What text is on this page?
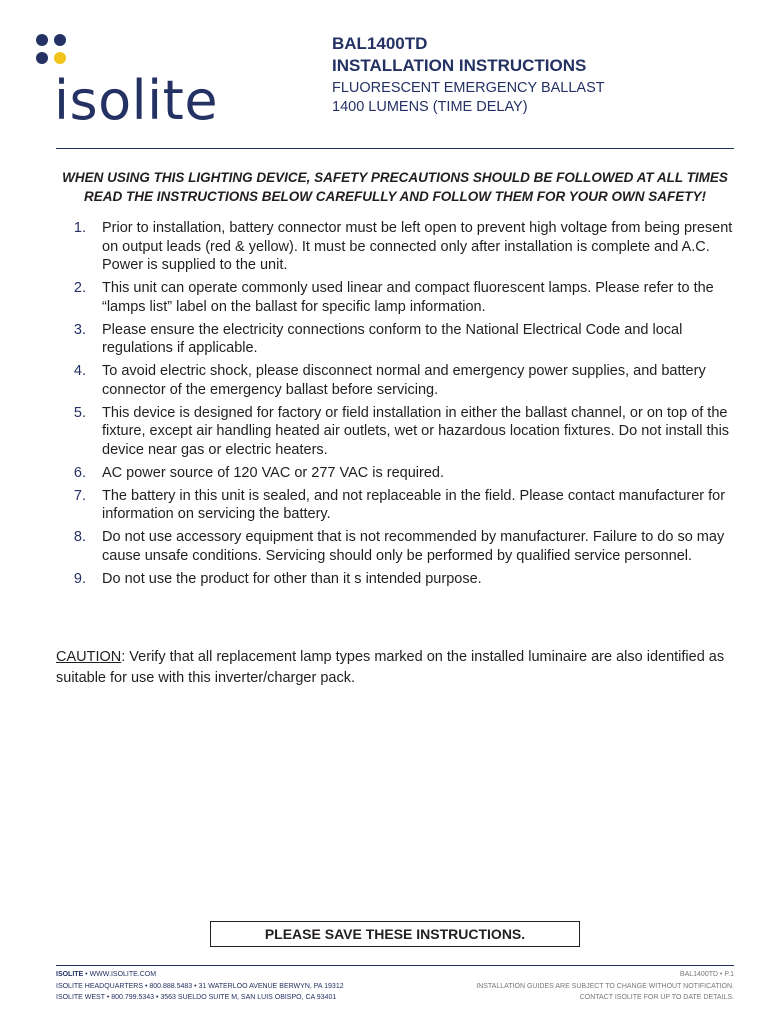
isolite

BAL1400TD

INSTALLATION INSTRUCTIONS

FLUORESCENT EMERGENCY BALLAST

1400 LUMENS (TIME DELAY)

WHEN USING THIS LIGHTING DEVICE, SAFETY PRECAUTIONS SHOULD BE FOLLOWED AT ALL TIMES
READ THE INSTRUCTIONS BELOW CAREFULLY AND FOLLOW THEM FOR YOUR OWN SAFETY!

1. Prior to installation, battery connector must be left open to prevent high voltage from being present on output leads (red & yellow). It must be connected only after installation is complete and A.C. Power is supplied to the unit.
2. This unit can operate commonly used linear and compact fluorescent lamps. Please refer to the “lamps list” label on the ballast for specific lamp information.
3. Please ensure the electricity connections conform to the National Electrical Code and local regulations if applicable.
4. To avoid electric shock, please disconnect normal and emergency power supplies, and battery connector of the emergency ballast before servicing.
5. This device is designed for factory or field installation in either the ballast channel, or on top of the fixture, except air handling heated air outlets, wet or hazardous location fixtures. Do not install this device near gas or electric heaters.
6. AC power source of 120 VAC or 277 VAC is required.
7. The battery in this unit is sealed, and not replaceable in the field. Please contact manufacturer for information on servicing the battery.
8. Do not use accessory equipment that is not recommended by manufacturer. Failure to do so may cause unsafe conditions. Servicing should only be performed by qualified service personnel.
9. Do not use the product for other than it s intended purpose.

CAUTION: Verify that all replacement lamp types marked on the installed luminaire are also identified as suitable for use with this inverter/charger pack.

PLEASE SAVE THESE INSTRUCTIONS.
ISOLITE • WWW.ISOLITE.COM
ISOLITE HEADQUARTERS • 800.888.5483 • 31 WATERLOO AVENUE BERWYN, PA 19312
ISOLITE WEST • 800.799.5343 • 3563 SUELDO SUITE M, SAN LUIS OBISPO, CA 93401
BAL1400TD • P.1
INSTALLATION GUIDES ARE SUBJECT TO CHANGE WITHOUT NOTIFICATION.
CONTACT ISOLITE FOR UP TO DATE DETAILS.
